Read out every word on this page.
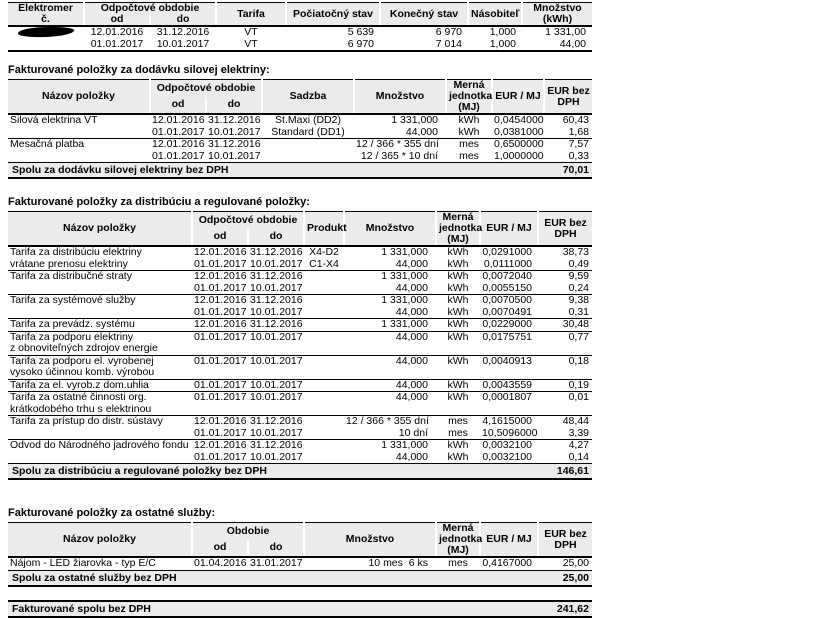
Elektromer
č.	Odpočtové obdobie		Tarifa	Počiatočný stav	Konečný stav	Násobiteľ	Množstvo (kWh)
	od	do					
	12.01.2016	31.12.2016	VT	5 639	6 970	1,000	1 331,00
	01.01.2017	10.01.2017	VT	6 970	7 014	1,000	44,00
Fakturované položky za dodávku silovej elektriny:
Názov položky	Odpočtové obdobie		Sadzba	Množstvo	Merná jednotka (MJ)	EUR / MJ	EUR bez DPH
	od	do					
Silová elektrina VT	12.01.2016	31.12.2016	Št.Maxi (DD2)	1 331,000	kWh	0,0454000	60,43
	01.01.2017	10.01.2017	Štandard (DD1)	44,000	kWh	0,0381000	1,68
Mesačná platba	12.01.2016	31.12.2016		12 / 366 * 355 dní	mes	0,6500000	7,57
	01.01.2017	10.01.2017		12 / 365 * 10 dní	mes	1,0000000	0,33
Spolu za dodávku silovej elektriny bez DPH	70,01
Fakturované položky za distribúciu a regulované položky:
Názov položky	Odpočtové obdobie		Produkt	Množstvo	Merná jednotka (MJ)	EUR / MJ	EUR bez DPH
	od	do					
Tarifa za distribúciu elektriny	12.01.2016	31.12.2016	X4-D2	1 331,000	kWh	0,0291000	38,73
vrátane prenosu elektriny	01.01.2017	10.01.2017	C1-X4	44,000	kWh	0,0111000	0,49
Tarifa za distribučné straty	12.01.2016	31.12.2016		1 331,000	kWh	0,0072040	9,59
	01.01.2017	10.01.2017		44,000	kWh	0,0055150	0,24
Tarifa za systémové služby	12.01.2016	31.12.2016		1 331,000	kWh	0,0070500	9,38
	01.01.2017	10.01.2017		44,000	kWh	0,0070491	0,31
Tarifa za prevádz. systému	12.01.2016	31.12.2016		1 331,000	kWh	0,0229000	30,48
Tarifa za podporu elektriny	01.01.2017	10.01.2017		44,000	kWh	0,0175751	0,77
z obnoviteľných zdrojov energie							
Tarifa za podporu el. vyrobenej	01.01.2017	10.01.2017		44,000	kWh	0,0040913	0,18
vysoko účinnou komb. výrobou							
Tarifa za el. vyrob.z dom.uhlia	01.01.2017	10.01.2017		44,000	kWh	0,0043559	0,19
Tarifa za ostatné činnosti org.	01.01.2017	10.01.2017		44,000	kWh	0,0001807	0,01
krátkodobého trhu s elektrinou							
Tarifa za prístup do distr. sústavy	12.01.2016	31.12.2016		12 / 366 * 355 dní	mes	4,1615000	48,44
	01.01.2017	10.01.2017		10 dní	mes	10,5096000	3,39
Odvod do Národného jadrového fondu	12.01.2016	31.12.2016		1 331,000	kWh	0,0032100	4,27
	01.01.2017	10.01.2017		44,000	kWh	0,0032100	0,14
Spolu za distribúciu a regulované položky bez DPH	146,61
Fakturované položky za ostatné služby:
Názov položky	Obdobie		Množstvo	Merná jednotka (MJ)	EUR / MJ	EUR bez DPH
	od	do				
Nájom - LED žiarovka - typ E/C	01.04.2016	31.01.2017	10 mes  6 ks	mes	0,4167000	25,00
Spolu za ostatné služby bez DPH	25,00
Fakturované spolu bez DPH	241,62
